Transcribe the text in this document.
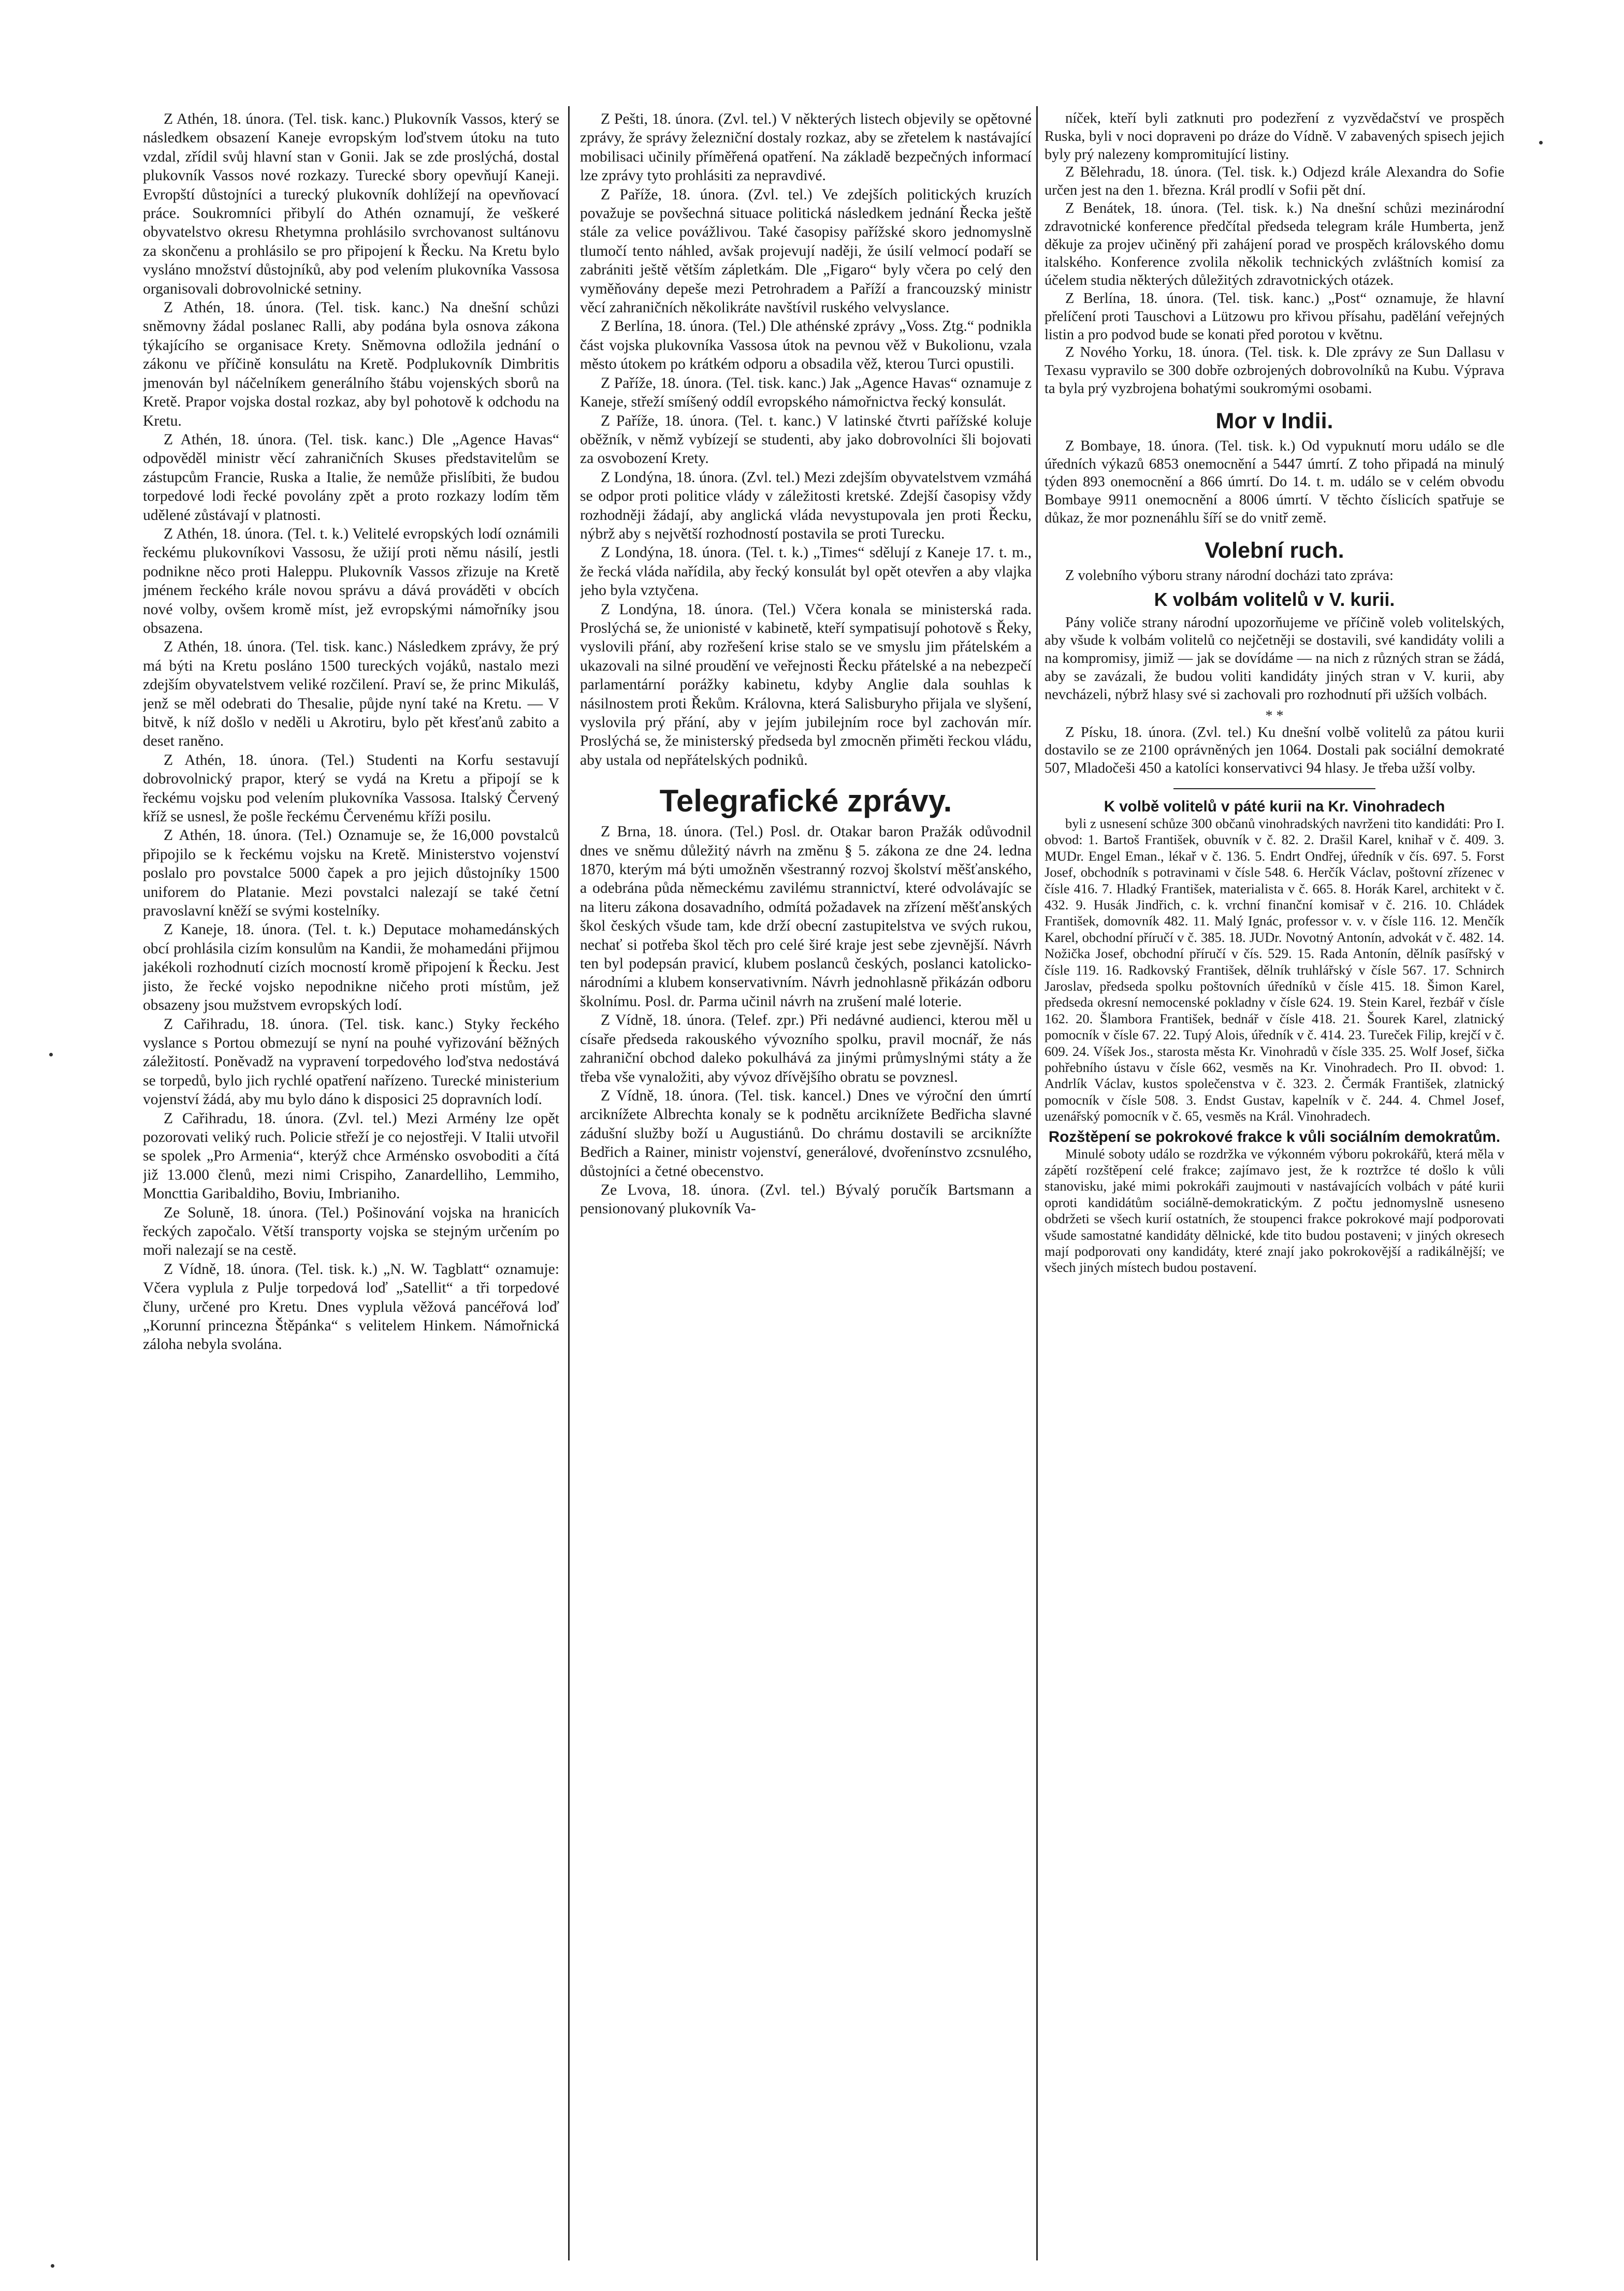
Z Athén, 18. února. (Tel. tisk. kanc.) Plukovník Vassos, který se následkem obsazení Kaneje evropským loďstvem útoku na tuto vzdal, zřídil svůj hlavní stan v Gonii. Jak se zde proslýchá, dostal plukovník Vassos nové rozkazy. Turecké sbory opevňují Kaneji. Evropští důstojníci a turecký plukovník dohlížejí na opevňovací práce. Soukromníci přibylí do Athén oznamují, že veškeré obyvatelstvo okresu Rhetymna prohlásilo svrchovanost sultánovu za skončenu a prohlásilo se pro připojení k Řecku. Na Kretu bylo vysláno množství důstojníků, aby pod velením plukovníka Vassosa organisovali dobrovolnické setniny.

Z Athén, 18. února. (Tel. tisk. kanc.) Na dnešní schůzi sněmovny žádal poslanec Ralli, aby podána byla osnova zákona týkajícího se organisace Krety. Sněmovna odložila jednání o zákonu ve příčině konsulátu na Kretě. Podplukovník Dimbritis jmenován byl náčelníkem generálního štábu vojenských sborů na Kretě. Prapor vojska dostal rozkaz, aby byl pohotově k odchodu na Kretu.

Z Athén, 18. února. (Tel. tisk. kanc.) Dle „Agence Havas“ odpověděl ministr věcí zahraničních Skuses představitelům se zástupcům Francie, Ruska a Italie, že nemůže přislíbiti, že budou torpedové lodi řecké povolány zpět a proto rozkazy lodím těm udělené zůstávají v platnosti.

Z Athén, 18. února. (Tel. t. k.) Velitelé evropských lodí oznámili řeckému plukovníkovi Vassosu, že užijí proti němu násilí, jestli podnikne něco proti Haleppu. Plukovník Vassos zřizuje na Kretě jménem řeckého krále novou správu a dává prováděti v obcích nové volby, ovšem kromě míst, jež evropskými námořníky jsou obsazena.

Z Athén, 18. února. (Tel. tisk. kanc.) Následkem zprávy, že prý má býti na Kretu posláno 1500 tureckých vojáků, nastalo mezi zdejším obyvatelstvem veliké rozčilení. Praví se, že princ Mikuláš, jenž se měl odebrati do Thesalie, půjde nyní také na Kretu. — V bitvě, k níž došlo v neděli u Akrotiru, bylo pět křesťanů zabito a deset raněno.

Z Athén, 18. února. (Tel.) Studenti na Korfu sestavují dobrovolnický prapor, který se vydá na Kretu a připojí se k řeckému vojsku pod velením plukovníka Vassosa. Italský Červený kříž se usnesl, že pošle řeckému Červenému kříži posilu.

Z Athén, 18. února. (Tel.) Oznamuje se, že 16,000 povstalců připojilo se k řeckému vojsku na Kretě. Ministerstvo vojenství poslalo pro povstalce 5000 čapek a pro jejich důstojníky 1500 uniforem do Platanie. Mezi povstalci nalezají se také četní pravoslavní kněží se svými kostelníky.

Z Kaneje, 18. února. (Tel. t. k.) Deputace mohamedánských obcí prohlásila cizím konsulům na Kandii, že mohamedáni přijmou jakékoli rozhodnutí cizích mocností kromě připojení k Řecku. Jest jisto, že řecké vojsko nepodnikne ničeho proti místům, jež obsazeny jsou mužstvem evropských lodí.

Z Cařihradu, 18. února. (Tel. tisk. kanc.) Styky řeckého vyslance s Portou obmezují se nyní na pouhé vyřizování běžných záležitostí. Poněvadž na vypravení torpedového loďstva nedostává se torpedů, bylo jich rychlé opatření nařízeno. Turecké ministerium vojenství žádá, aby mu bylo dáno k disposici 25 dopravních lodí.

Z Cařihradu, 18. února. (Zvl. tel.) Mezi Armény lze opět pozorovati veliký ruch. Policie střeží je co nejostřeji. V Italii utvořil se spolek „Pro Armenia“, kterýž chce Arménsko osvoboditi a čítá již 13.000 členů, mezi nimi Crispiho, Zanardelliho, Lemmiho, Moncttia Garibaldiho, Boviu, Imbrianiho.

Ze Soluně, 18. února. (Tel.) Pošinování vojska na hranicích řeckých započalo. Větší transporty vojska se stejným určením po moři nalezají se na cestě.

Z Vídně, 18. února. (Tel. tisk. k.) „N. W. Tagblatt“ oznamuje: Včera vyplula z Pulje torpedová loď „Satellit“ a tři torpedové čluny, určené pro Kretu. Dnes vyplula věžová pancéřová loď „Korunní princezna Štěpánka“ s velitelem Hinkem. Námořnická záloha nebyla svolána.

Z Pešti, 18. února. (Zvl. tel.) V některých listech objevily se opětovné zprávy, že správy železniční dostaly rozkaz, aby se zřetelem k nastávající mobilisaci učinily příměřená opatření. Na základě bezpečných informací lze zprávy tyto prohlásiti za nepravdivé.

Z Paříže, 18. února. (Zvl. tel.) Ve zdejších politických kruzích považuje se povšechná situace politická následkem jednání Řecka ještě stále za velice povážlivou. Také časopisy pařížské skoro jednomyslně tlumočí tento náhled, avšak projevují naději, že úsilí velmocí podaří se zabrániti ještě větším zápletkám. Dle „Figaro“ byly včera po celý den vyměňovány depeše mezi Petrohradem a Paříží a francouzský ministr věcí zahraničních několikráte navštívil ruského velvyslance.

Z Berlína, 18. února. (Tel.) Dle athénské zprávy „Voss. Ztg.“ podnikla část vojska plukovníka Vassosa útok na pevnou věž v Bukolionu, vzala město útokem po krátkém odporu a obsadila věž, kterou Turci opustili.

Z Paříže, 18. února. (Tel. tisk. kanc.) Jak „Agence Havas“ oznamuje z Kaneje, střeží smíšený oddíl evropského námořnictva řecký konsulát.

Z Paříže, 18. února. (Tel. t. kanc.) V latinské čtvrti pařížské koluje oběžník, v němž vybízejí se studenti, aby jako dobrovolníci šli bojovati za osvobození Krety.

Z Londýna, 18. února. (Zvl. tel.) Mezi zdejším obyvatelstvem vzmáhá se odpor proti politice vlády v záležitosti kretské. Zdejší časopisy vždy rozhodněji žádají, aby anglická vláda nevystupovala jen proti Řecku, nýbrž aby s největší rozhodností postavila se proti Turecku.

Z Londýna, 18. února. (Tel. t. k.) „Times“ sdělují z Kaneje 17. t. m., že řecká vláda nařídila, aby řecký konsulát byl opět otevřen a aby vlajka jeho byla vztyčena.

Z Londýna, 18. února. (Tel.) Včera konala se ministerská rada. Proslýchá se, že unionisté v kabinetě, kteří sympatisují pohotově s Řeky, vyslovili přání, aby rozřešení krise stalo se ve smyslu jim přátelském a ukazovali na silné proudění ve veřejnosti Řecku přátelské a na nebezpečí parlamentární porážky kabinetu, kdyby Anglie dala souhlas k násilnostem proti Řekům. Královna, která Salisburyho přijala ve slyšení, vyslovila prý přání, aby v jejím jubilejním roce byl zachován mír. Proslýchá se, že ministerský předseda byl zmocněn přiměti řeckou vládu, aby ustala od nepřátelských podniků.

Telegrafické zprávy.

Z Brna, 18. února. (Tel.) Posl. dr. Otakar baron Pražák odůvodnil dnes ve sněmu důležitý návrh na změnu § 5. zákona ze dne 24. ledna 1870, kterým má býti umožněn všestranný rozvoj školství měšťanského, a odebrána půda německému zavilému strannictví, které odvolávajíc se na literu zákona dosavadního, odmítá požadavek na zřízení měšťanských škol českých všude tam, kde drží obecní zastupitelstva ve svých rukou, nechať si potřeba škol těch pro celé širé kraje jest sebe zjevnější. Návrh ten byl podepsán pravicí, klubem poslanců českých, poslanci katolicko-národními a klubem konservativním. Návrh jednohlasně přikázán odboru školnímu. Posl. dr. Parma učinil návrh na zrušení malé loterie.

Z Vídně, 18. února. (Telef. zpr.) Při nedávné audienci, kterou měl u císaře předseda rakouského vývozního spolku, pravil mocnář, že nás zahraniční obchod daleko pokulhává za jinými průmyslnými státy a že třeba vše vynaložiti, aby vývoz dřívějšího obratu se povznesl.

Z Vídně, 18. února. (Tel. tisk. kancel.) Dnes ve výroční den úmrtí arciknížete Albrechta konaly se k podnětu arciknížete Bedřicha slavné zádušní služby boží u Augustiánů. Do chrámu dostavili se arciknížte Bedřich a Rainer, ministr vojenství, generálové, dvořenínstvo zcsnulého, důstojníci a četné obecenstvo.

Ze Lvova, 18. února. (Zvl. tel.) Bývalý poručík Bartsmann a pensionovaný plukovník Va-

níček, kteří byli zatknuti pro podezření z vyzvědačství ve prospěch Ruska, byli v noci dopraveni po dráze do Vídně. V zabavených spisech jejich byly prý nalezeny kompromitující listiny.

Z Bělehradu, 18. února. (Tel. tisk. k.) Odjezd krále Alexandra do Sofie určen jest na den 1. března. Král prodlí v Sofii pět dní.

Z Benátek, 18. února. (Tel. tisk. k.) Na dnešní schůzi mezinárodní zdravotnické konference předčítal předseda telegram krále Humberta, jenž děkuje za projev učiněný při zahájení porad ve prospěch královského domu italského. Konference zvolila několik technických zvláštních komisí za účelem studia některých důležitých zdravotnických otázek.

Z Berlína, 18. února. (Tel. tisk. kanc.) „Post“ oznamuje, že hlavní přelíčení proti Tauschovi a Lützowu pro křivou přísahu, padělání veřejných listin a pro podvod bude se konati před porotou v květnu.

Z Nového Yorku, 18. února. (Tel. tisk. k. Dle zprávy ze Sun Dallasu v Texasu vypravilo se 300 dobře ozbrojených dobrovolníků na Kubu. Výprava ta byla prý vyzbrojena bohatými soukromými osobami.

Mor v Indii.

Z Bombaye, 18. února. (Tel. tisk. k.) Od vypuknutí moru událo se dle úředních výkazů 6853 onemocnění a 5447 úmrtí. Z toho připadá na minulý týden 893 onemocnění a 866 úmrtí. Do 14. t. m. událo se v celém obvodu Bombaye 9911 onemocnění a 8006 úmrtí. V těchto číslicích spatřuje se důkaz, že mor poznenáhlu šíří se do vnitř země.

Volební ruch.

Z volebního výboru strany národní docházi tato zpráva:

K volbám volitelů v V. kurii.

Pány voliče strany národní upozorňujeme ve příčině voleb volitelských, aby všude k volbám volitelů co nejčetněji se dostavili, své kandidáty volili a na kompromisy, jimiž — jak se dovídáme — na nich z různých stran se žádá, aby se zavázali, že budou voliti kandidáty jiných stran v V. kurii, aby nevcházeli, nýbrž hlasy své si zachovali pro rozhodnutí při užších volbách.

* *

Z Písku, 18. února. (Zvl. tel.) Ku dnešní volbě volitelů za pátou kurii dostavilo se ze 2100 oprávněných jen 1064. Dostali pak sociální demokraté 507, Mladočeši 450 a katolíci konservativci 94 hlasy. Je třeba užší volby.

K volbě volitelů v páté kurii na Kr. Vinohradech

byli z usnesení schůze 300 občanů vinohradských navrženi tito kandidáti: Pro I. obvod: 1. Bartoš František, obuvník v č. 82. 2. Drašil Karel, knihař v č. 409. 3. MUDr. Engel Eman., lékař v č. 136. 5. Endrt Ondřej, úředník v čís. 697. 5. Forst Josef, obchodník s potravinami v čísle 548. 6. Herčík Václav, poštovní zřízenec v čísle 416. 7. Hladký František, materialista v č. 665. 8. Horák Karel, architekt v č. 432. 9. Husák Jindřich, c. k. vrchní finanční komisař v č. 216. 10. Chládek František, domovník 482. 11. Malý Ignác, professor v. v. v čísle 116. 12. Menčík Karel, obchodní příručí v č. 385. 18. JUDr. Novotný Antonín, advokát v č. 482. 14. Nožička Josef, obchodní příručí v čís. 529. 15. Rada Antonín, dělník pasířský v čísle 119. 16. Radkovský František, dělník truhlářský v čísle 567. 17. Schnirch Jaroslav, předseda spolku poštovních úředníků v čísle 415. 18. Šimon Karel, předseda okresní nemocenské pokladny v čísle 624. 19. Stein Karel, řezbář v čísle 162. 20. Šlambora František, bednář v čísle 418. 21. Šourek Karel, zlatnický pomocník v čísle 67. 22. Tupý Alois, úředník v č. 414. 23. Tureček Filip, krejčí v č. 609. 24. Víšek Jos., starosta města Kr. Vinohradů v čísle 335. 25. Wolf Josef, šička pohřebního ústavu v čísle 662, vesměs na Kr. Vinohradech. Pro II. obvod: 1. Andrlík Václav, kustos společenstva v č. 323. 2. Čermák František, zlatnický pomocník v čísle 508. 3. Endst Gustav, kapelník v č. 244. 4. Chmel Josef, uzenářský pomocník v č. 65, vesměs na Král. Vinohradech.

Rozštěpení se pokrokové frakce k vůli sociálním demokratům.

Minulé soboty událo se rozdržka ve výkonném výboru pokrokářů, která měla v zápětí rozštěpení celé frakce; zajímavo jest, že k roztržce té došlo k vůli stanovisku, jaké mimi pokrokáři zaujmouti v nastávajících volbách v páté kurii oproti kandidátům sociálně-demokratickým. Z počtu jednomyslně usneseno obdržeti se všech kurií ostatních, že stoupenci frakce pokrokové mají podporovati všude samostatné kandidáty dělnické, kde tito budou postaveni; v jiných okresech mají podporovati ony kandidáty, které znají jako pokrokovější a radikálnější; ve všech jiných místech budou postavení.
